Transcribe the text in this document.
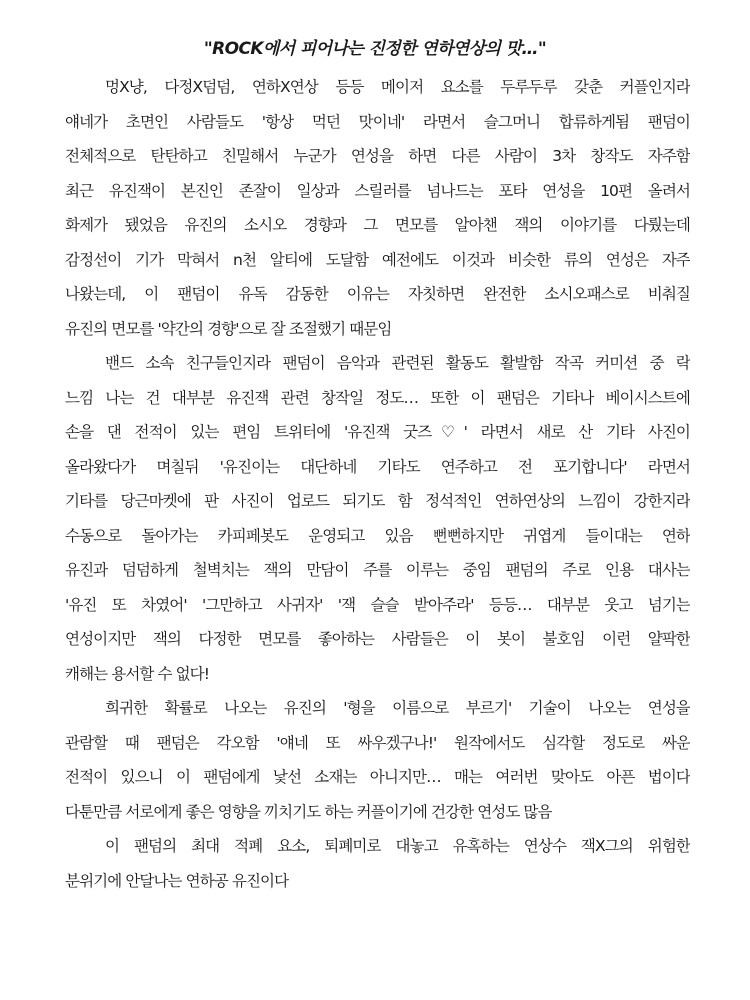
"ROCK에서 피어나는 진정한 연하연상의 맛…"
멍X냥, 다정X덤덤, 연하X연상 등등 메이저 요소를 두루두루 갖춘 커플인지라
얘네가 초면인 사람들도 '항상 먹던 맛이네' 라면서 슬그머니 합류하게됨 팬덤이
전체적으로 탄탄하고 친밀해서 누군가 연성을 하면 다른 사람이 3차 창작도 자주함
최근 유진잭이 본진인 존잘이 일상과 스릴러를 넘나드는 포타 연성을 10편 올려서
화제가 됐었음 유진의 소시오 경향과 그 면모를 알아챈 잭의 이야기를 다뤘는데
감정선이 기가 막혀서 n천 알티에 도달함 예전에도 이것과 비슷한 류의 연성은 자주
나왔는데, 이 팬덤이 유독 감동한 이유는 자칫하면 완전한 소시오패스로 비춰질
유진의 면모를 '약간의 경향'으로 잘 조절했기 때문임
밴드 소속 친구들인지라 팬덤이 음악과 관련된 활동도 활발함 작곡 커미션 중 락
느낌 나는 건 대부분 유진잭 관련 창작일 정도… 또한 이 팬덤은 기타나 베이시스트에
손을 댄 전적이 있는 편임 트위터에 '유진잭 굿즈♡' 라면서 새로 산 기타 사진이
올라왔다가 며칠뒤 '유진이는 대단하네 기타도 연주하고 전 포기합니다' 라면서
기타를 당근마켓에 판 사진이 업로드 되기도 함 정석적인 연하연상의 느낌이 강한지라
수동으로 돌아가는 카피페봇도 운영되고 있음 뻔뻔하지만 귀엽게 들이대는 연하
유진과 덤덤하게 철벽치는 잭의 만담이 주를 이루는 중임 팬덤의 주로 인용 대사는
'유진 또 차였어' '그만하고 사귀자' '잭 슬슬 받아주라' 등등… 대부분 웃고 넘기는
연성이지만 잭의 다정한 면모를 좋아하는 사람들은 이 봇이 불호임 이런 얄팍한
캐해는 용서할 수 없다!
희귀한 확률로 나오는 유진의 '형을 이름으로 부르기' 기술이 나오는 연성을
관람할 때 팬덤은 각오함 '얘네 또 싸우겠구나!' 원작에서도 심각할 정도로 싸운
전적이 있으니 이 팬덤에게 낯선 소재는 아니지만… 매는 여러번 맞아도 아픈 법이다
다툰만큼 서로에게 좋은 영향을 끼치기도 하는 커플이기에 건강한 연성도 많음
이 팬덤의 최대 적폐 요소, 퇴폐미로 대놓고 유혹하는 연상수 잭X그의 위험한
분위기에 안달나는 연하공 유진이다
